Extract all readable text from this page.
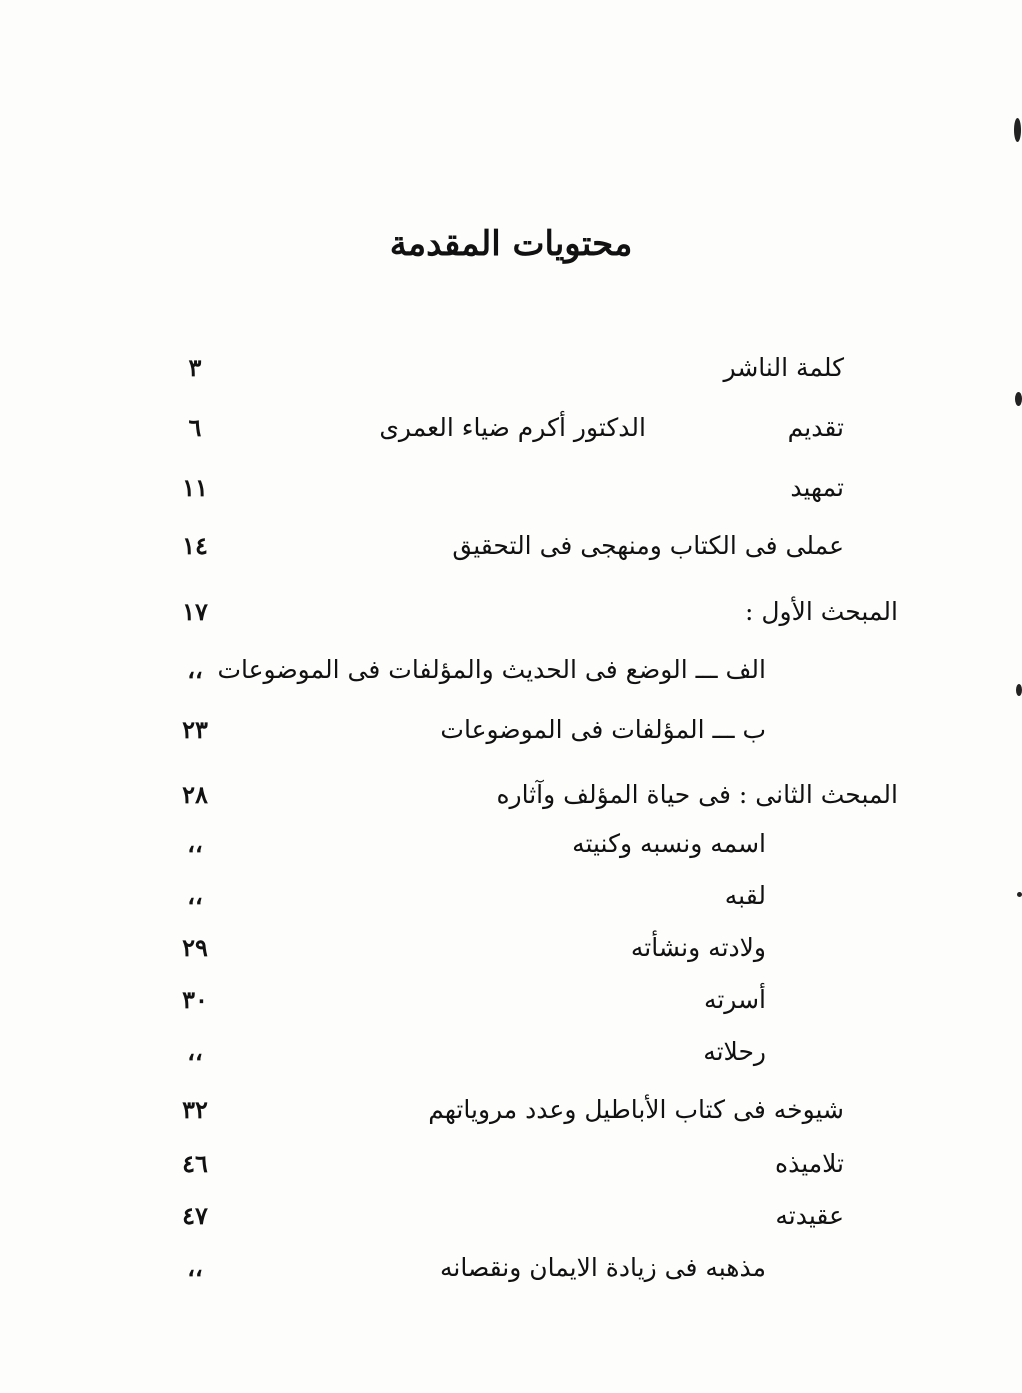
محتويات المقدمة
٣	كلمة الناشر
٦	تقديم
الدكتور أكرم ضياء العمرى
١١	تمهيد
١٤	عملى فى الكتاب ومنهجى فى التحقيق
١٧	المبحث الأول :
،، الف ـــ الوضع فى الحديث والمؤلفات فى الموضوعات
٢٣	ب ـــ المؤلفات فى الموضوعات
٢٨	المبحث الثانى : فى حياة المؤلف وآثاره
،،	اسمه ونسبه وكنيته
،،	لقبه
٢٩	ولادته ونشأته
٣٠	أسرته
،،	رحلاته
٣٢	شيوخه فى كتاب الأباطيل وعدد مروياتهم
٤٦	تلاميذه
٤٧	عقيدته
،،	مذهبه فى زيادة الايمان ونقصانه
